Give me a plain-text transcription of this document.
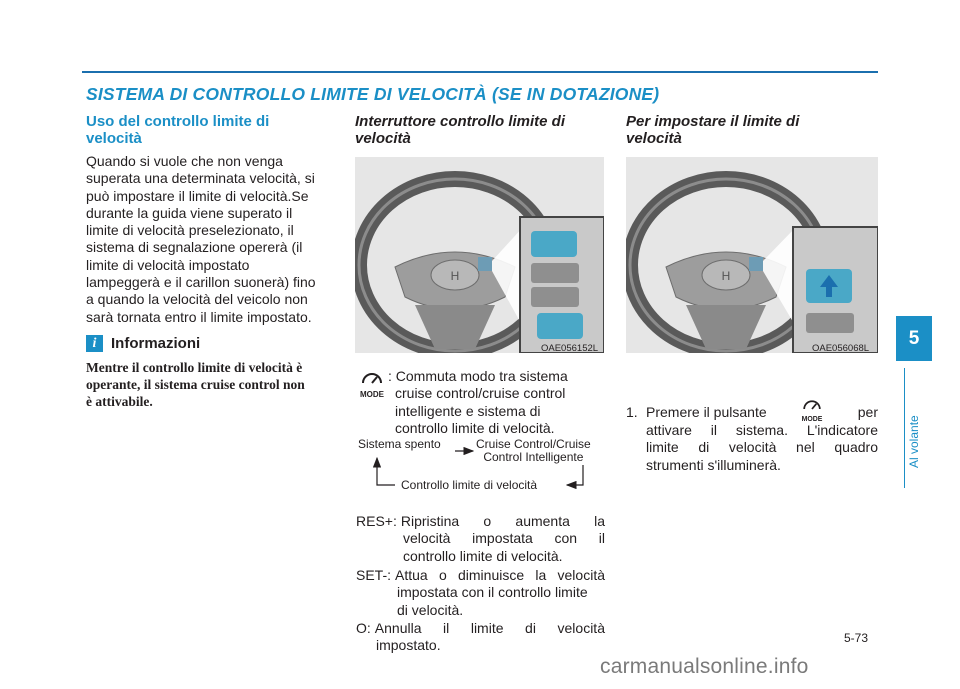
SISTEMA DI CONTROLLO LIMITE DI VELOCITÀ (SE IN DOTAZIONE)
5
Al volante
Uso del controllo limite di
velocità
Quando si vuole che non venga
superata una determinata velocità, si
può impostare il limite di velocità.Se
durante la guida viene superato il
limite di velocità preselezionato, il
sistema di segnalazione opererà (il
limite di velocità impostato
lampeggerà e il carillon suonerà) fino
a quando la velocità del veicolo non
sarà tornata entro il limite impostato.
i Informazioni
Mentre il controllo limite di velocità è
operante, il sistema cruise control non
è attivabile.
Interruttore controllo limite di
velocità
H
OAE056152L
MODE
: Commuta modo tra sistema
cruise control/cruise control
intelligente e sistema di
controllo limite di velocità.
Sistema spento	Cruise Control/Cruise
Control Intelligente
Controllo limite di velocità
RES+: Ripristina o aumenta la
velocità impostata con il
controllo limite di velocità.
SET-: Attua o diminuisce la velocità
impostata con il controllo limite
di velocità.
O: Annulla il limite di velocità
impostato.
Per impostare il limite di
velocità
H
OAE056068L
1. Premere il pulsante	MODE	per
attivare il sistema. L'indicatore
limite di velocità nel quadro
strumenti s'illuminerà.
5-73
carmanualsonline.info
